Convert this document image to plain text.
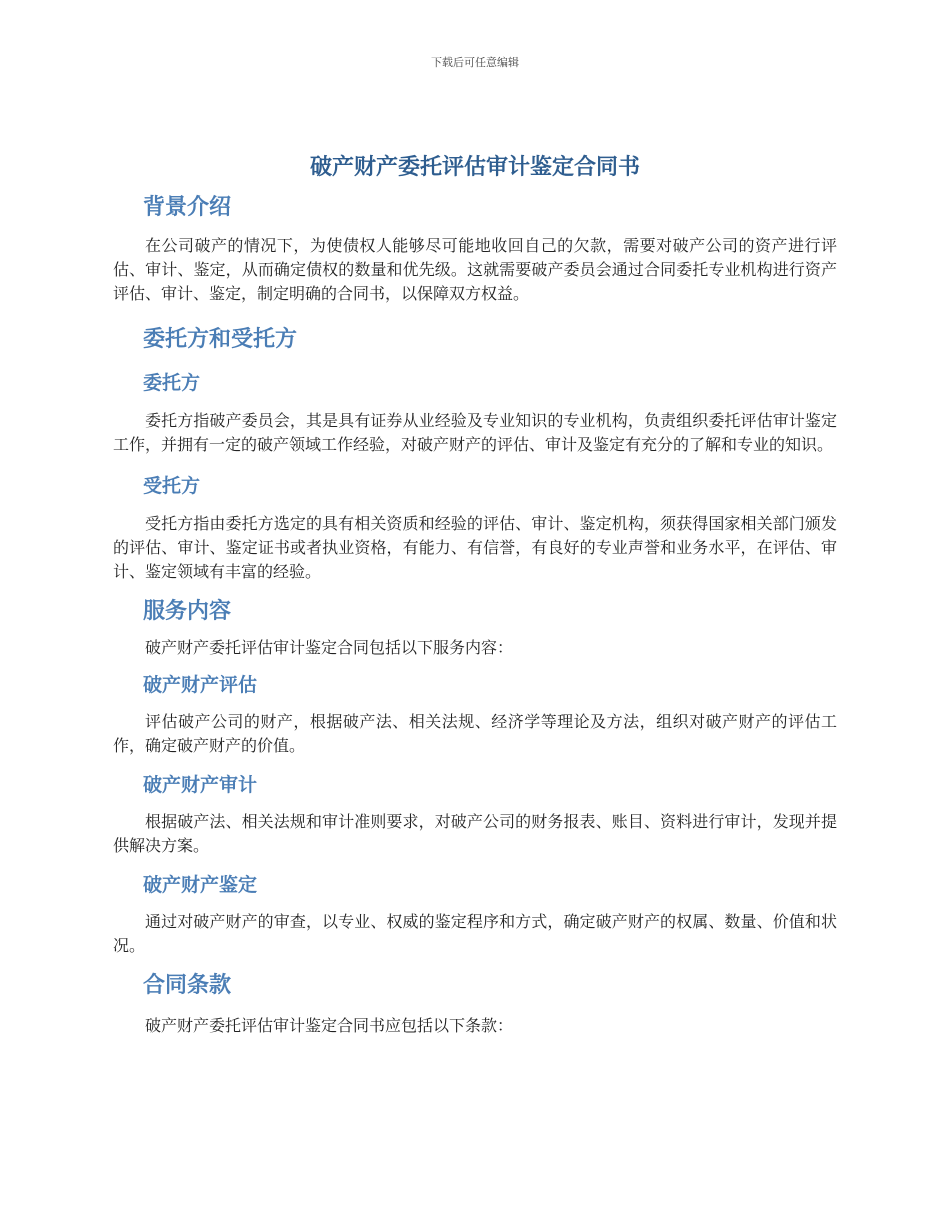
下载后可任意编辑
破产财产委托评估审计鉴定合同书
背景介绍

在公司破产的情况下，为使债权人能够尽可能地收回自己的欠款，需要对破产公司的资产进行评估、审计、鉴定，从而确定债权的数量和优先级。这就需要破产委员会通过合同委托专业机构进行资产评估、审计、鉴定，制定明确的合同书，以保障双方权益。

委托方和受托方
委托方

委托方指破产委员会，其是具有证券从业经验及专业知识的专业机构，负责组织委托评估审计鉴定工作，并拥有一定的破产领域工作经验，对破产财产的评估、审计及鉴定有充分的了解和专业的知识。

受托方

受托方指由委托方选定的具有相关资质和经验的评估、审计、鉴定机构，须获得国家相关部门颁发的评估、审计、鉴定证书或者执业资格，有能力、有信誉，有良好的专业声誉和业务水平，在评估、审计、鉴定领域有丰富的经验。

服务内容

破产财产委托评估审计鉴定合同包括以下服务内容：

破产财产评估

评估破产公司的财产，根据破产法、相关法规、经济学等理论及方法，组织对破产财产的评估工作，确定破产财产的价值。

破产财产审计

根据破产法、相关法规和审计准则要求，对破产公司的财务报表、账目、资料进行审计，发现并提供解决方案。

破产财产鉴定

通过对破产财产的审查，以专业、权威的鉴定程序和方式，确定破产财产的权属、数量、价值和状况。

合同条款

破产财产委托评估审计鉴定合同书应包括以下条款：
